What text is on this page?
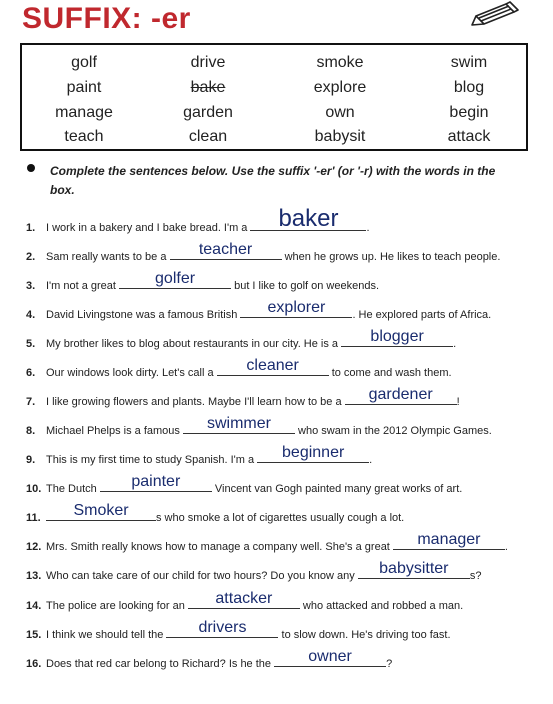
SUFFIX: -er
golf	drive	smoke	swim
paint	bake	explore	blog
manage	garden	own	begin
teach	clean	babysit	attack
Complete the sentences below. Use the suffix '-er' (or '-r) with the words in the box.
1. I work in a bakery and I bake bread. I'm a	baker	.
2. Sam really wants to be a	teacher	when he grows up. He likes to teach people.
3. I'm not a great	golfer	but I like to golf on weekends.
4. David Livingstone was a famous British	explorer	. He explored parts of Africa.
5. My brother likes to blog about restaurants in our city. He is a	blogger	.
6. Our windows look dirty. Let's call a	cleaner	to come and wash them.
7. I like growing flowers and plants. Maybe I'll learn how to be a	gardener	!
8. Michael Phelps is a famous	swimmer	who swam in the 2012 Olympic Games.
9. This is my first time to study Spanish. I'm a	beginner	.
10. The Dutch	painter	Vincent van Gogh painted many great works of art.
11.	Smoker	s who smoke a lot of cigarettes usually cough a lot.
12. Mrs. Smith really knows how to manage a company well. She's a great	manager	.
13. Who can take care of our child for two hours? Do you know any	babysitter	s?
14. The police are looking for an	attacker	who attacked and robbed a man.
15. I think we should tell the	drivers	to slow down. He's driving too fast.
16. Does that red car belong to Richard? Is he the	owner	?
